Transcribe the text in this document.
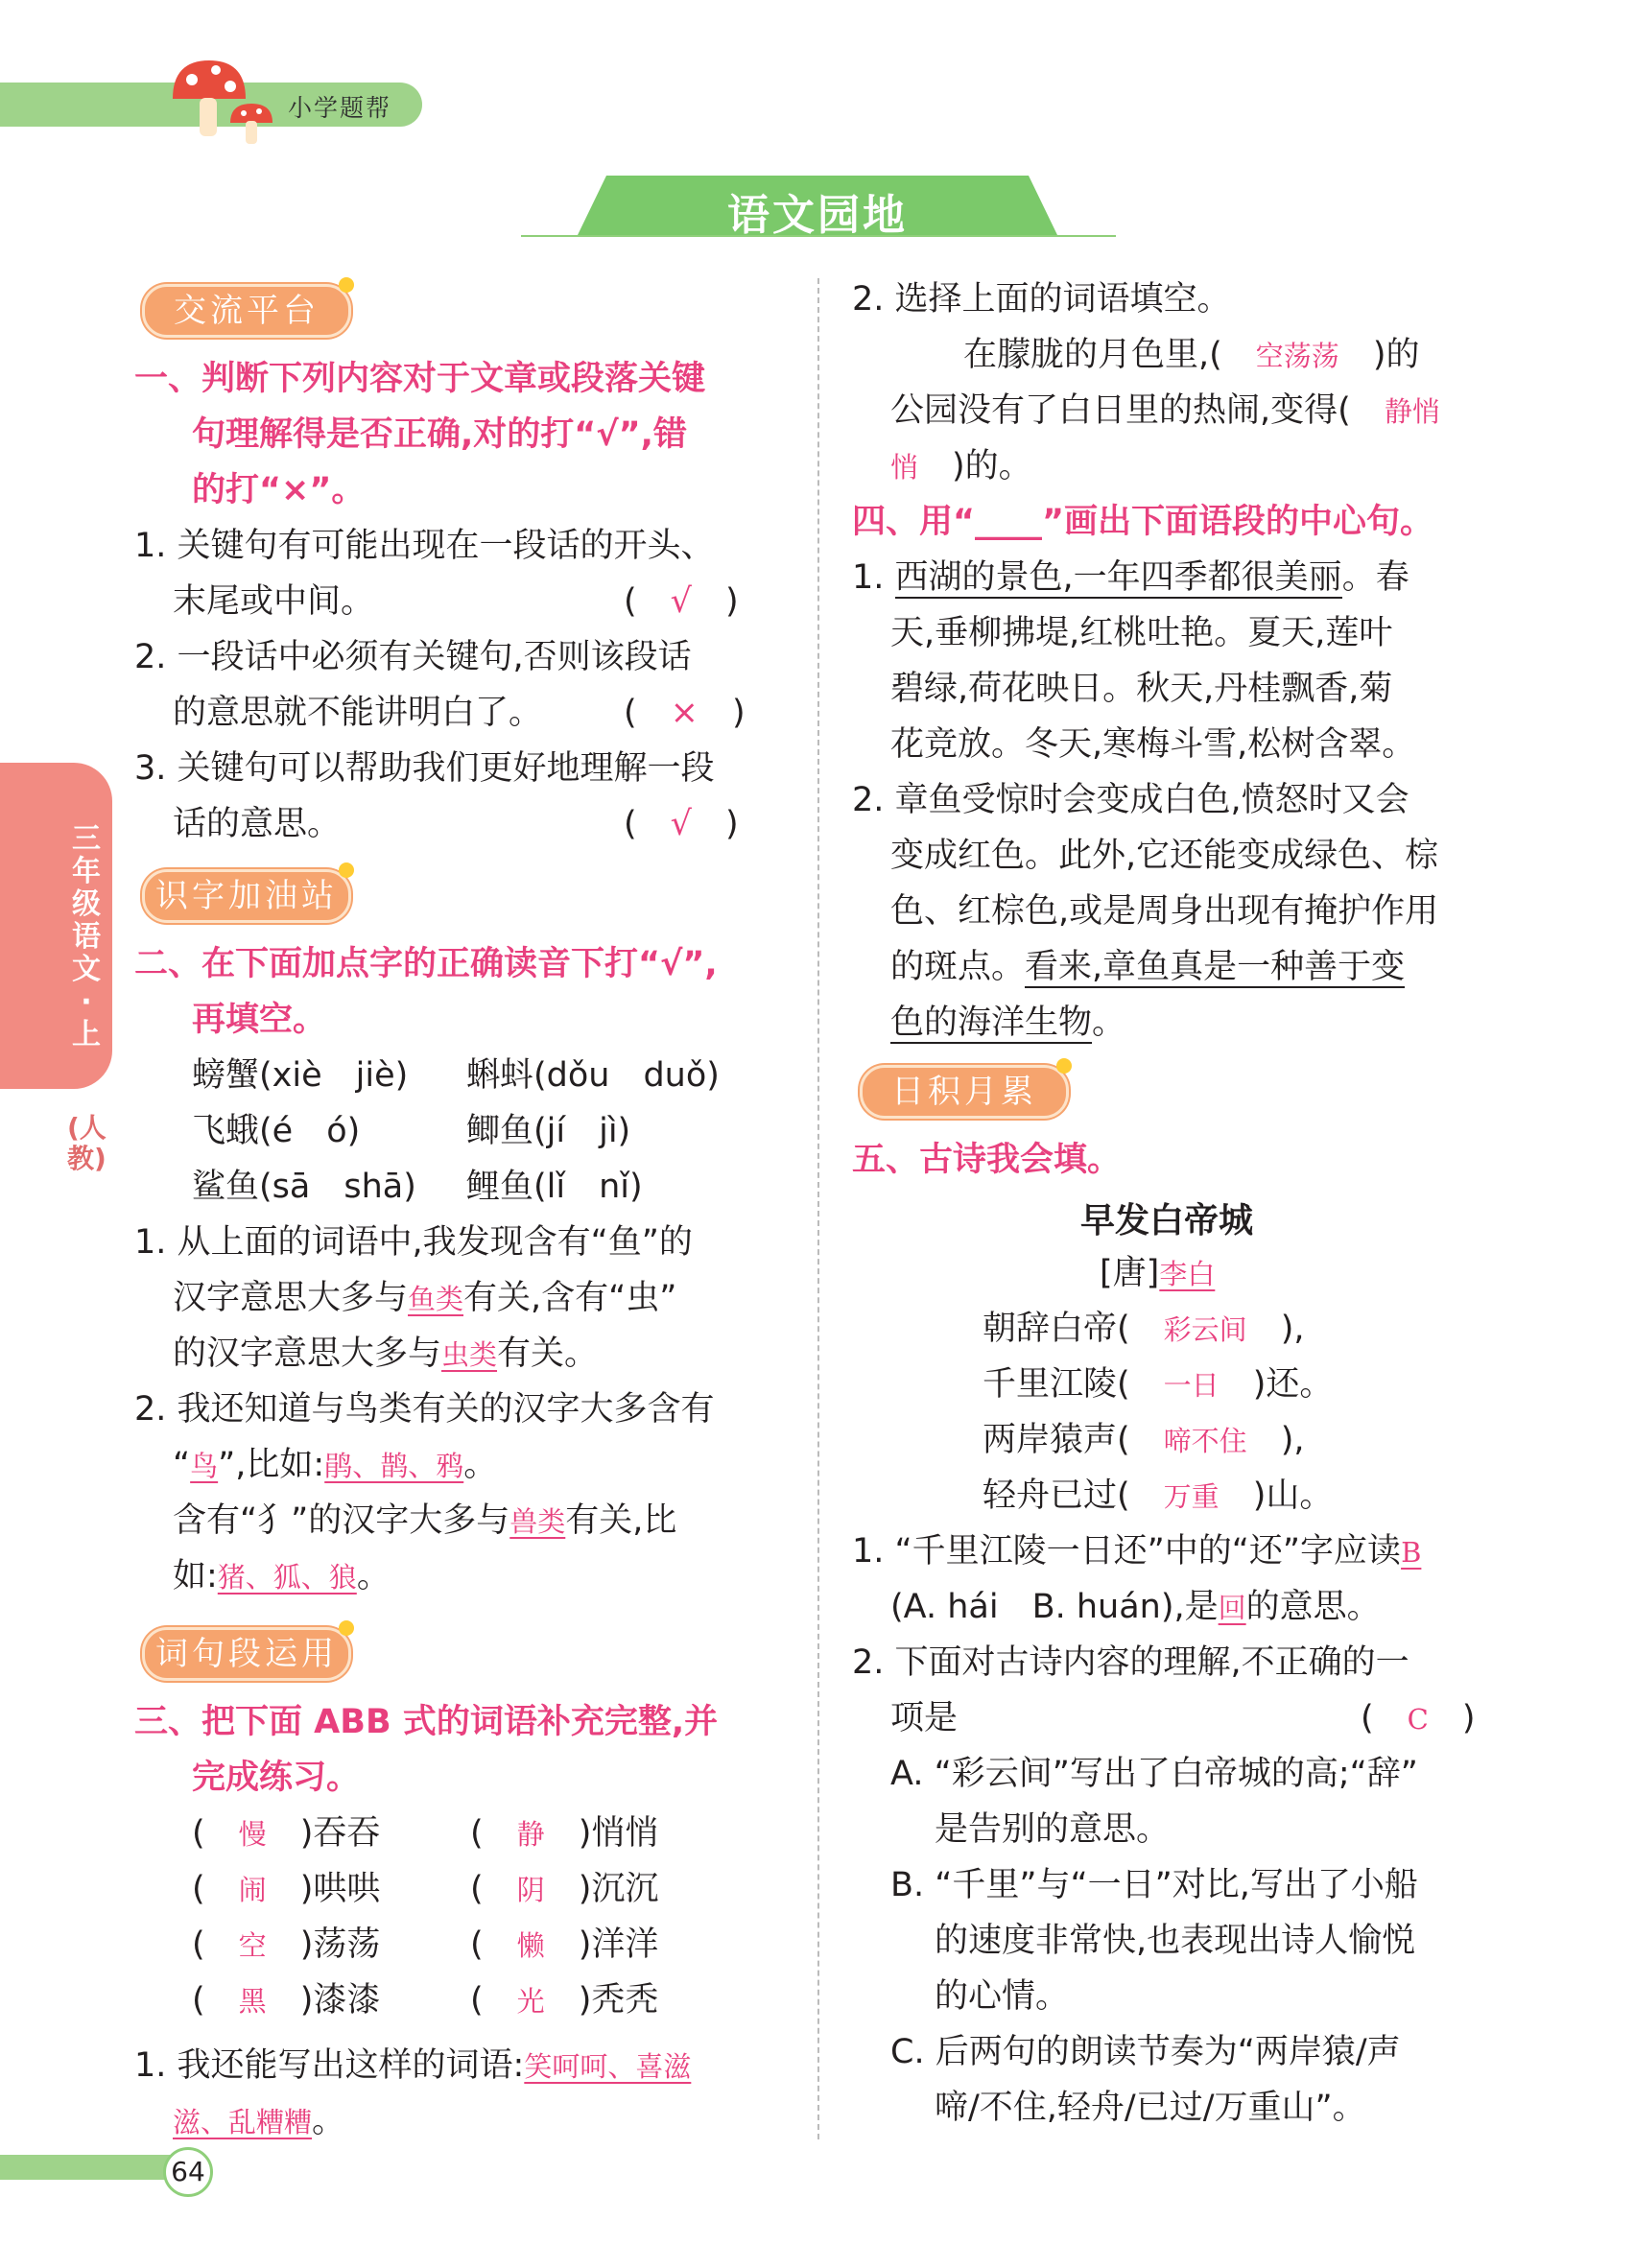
小学题帮
语文园地
三年级语文·上
(人教)
交流平台
一、判断下列内容对于文章或段落关键
句理解得是否正确,对的打“√”,错
的打“×”。
1. 关键句有可能出现在一段话的开头、
末尾或中间。	(　√　)
2. 一段话中必须有关键句,否则该段话
的意思就不能讲明白了。 (　×　)
3. 关键句可以帮助我们更好地理解一段
话的意思。	(　√　)
识字加油站
二、在下面加点字的正确读音下打“√”,
再填空。
螃蟹(xiè　jiè) 蝌蚪(dǒu　duǒ)
飞蛾(é　ó)	鲫鱼(jí　jì)
鲨鱼(sā　shā) 鲤鱼(lǐ　nǐ)
1. 从上面的词语中,我发现含有“鱼”的
汉字意思大多与鱼类有关,含有“虫”
的汉字意思大多与虫类有关。
2. 我还知道与鸟类有关的汉字大多含有
“鸟”,比如:鹃、鹊、鸦。
含有“犭”的汉字大多与兽类有关,比
如:猪、狐、狼。
词句段运用
三、把下面 ABB 式的词语补充完整,并
完成练习。
(　慢　 )吞吞	(　静　 )悄悄
(　闹　 )哄哄	(　阴　 )沉沉
(　空　 )荡荡	(　懒　 )洋洋
(　黑　 )漆漆	(　光　 )秃秃
1. 我还能写出这样的词语:笑呵呵、喜滋
滋、乱糟糟。
2. 选择上面的词语填空。
在朦胧的月色里,(　 空荡荡　 )的
公园没有了白日里的热闹,变得(　 静悄
悄　 )的。
四、用“____”画出下面语段的中心句。
1. 西湖的景色,一年四季都很美丽。春
天,垂柳拂堤,红桃吐艳。夏天,莲叶
碧绿,荷花映日。秋天,丹桂飘香,菊
花竞放。冬天,寒梅斗雪,松树含翠。
2. 章鱼受惊时会变成白色,愤怒时又会
变成红色。此外,它还能变成绿色、棕
色、红棕色,或是周身出现有掩护作用
的斑点。看来,章鱼真是一种善于变
色的海洋生物。
日积月累
五、古诗我会填。
早发白帝城
[唐]李白
朝辞白帝(　 彩云间　 ),
千里江陵(　 一日　 )还。
两岸猿声(　 啼不住　 ),
轻舟已过(　 万重　 )山。
1. “千里江陵一日还”中的“还”字应读B
(A. hái　B. huán),是回的意思。
2. 下面对古诗内容的理解,不正确的一
项是	(　C　)
A. “彩云间”写出了白帝城的高;“辞”
是告别的意思。
B. “千里”与“一日”对比,写出了小船
的速度非常快,也表现出诗人愉悦
的心情。
C. 后两句的朗读节奏为“两岸猿/声
啼/不住,轻舟/已过/万重山”。
64
